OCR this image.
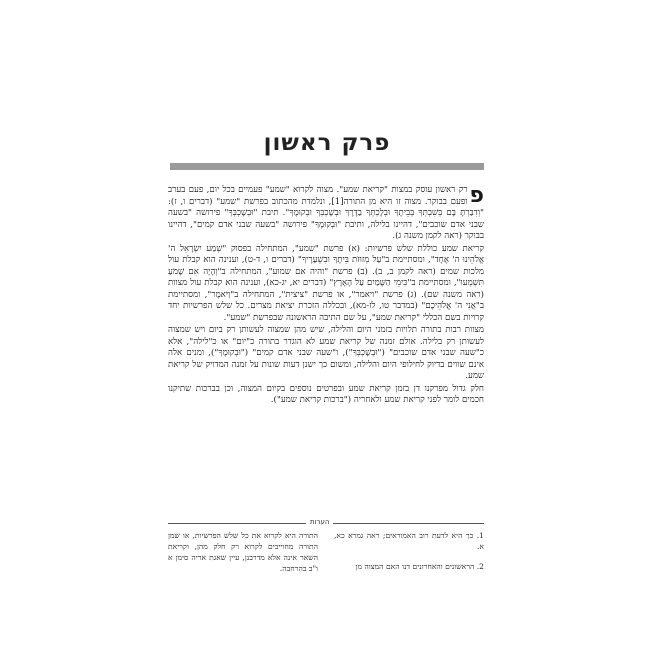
פרק ראשון

פ
רק ראשון עוסק במצות "קריאת שמע". מצוה לקרוא "שמע" פעמיים בכל יום, פעם בערב ופעם בבוקר. מצוה זו היא מן התורה[1], ונלמדת מהכתוב בפרשת "שמע" (דברים ו, ז): "וְדִבַּרְתָּ בָּם בְּשִׁבְתְּךָ בְּבֵיתֶךָ וּבְלֶכְתְּךָ בַדֶּרֶךְ וּבְשָׁכְבְּךָ וּבְקוּמֶךָ". תיבת "וּבְשָׁכְבְּךָ" פירושה "בשעה שבני אדם שוכבים", דהיינו בלילה, ותיבת "וּבְקוּמֶךָ" פירושה "בשעה שבני אדם קמים", דהיינו בבוקר (ראה לקמן משנה ג).

קריאת שמע כוללת שלש פרשיות: (א) פרשת "שמע", המתחילה בפסוק "שְׁמַע יִשְׂרָאֵל ה' אֱלֹהֵינוּ ה' אֶחָד", ומסתיימת ב"עַל מְזוּזֹת בֵּיתֶךָ וּבִשְׁעָרֶיךָ" (דברים ו, ד-ט), וענינה הוא קבלת עול מלכות שמים (ראה לקמן ב, ב). (ב) פרשת "והיה אם שמוע", המתחילה ב"וְהָיָה אִם שָׁמֹעַ תִּשְׁמְעוּ", ומסתיימת ב"כִּימֵי הַשָּׁמַיִם עַל הָאָרֶץ" (דברים יא, יג-כא), וענינה הוא קבלת עול מצוות (ראה משנה שם). (ג) פרשת "ויאמר", או פרשת "ציצית", המתחילה ב"וַיֹּאמֶר", ומסתיימת ב"אֲנִי ה' אֱלֹהֵיכֶם" (במדבר טו, לז-מא), ובכללה הזכרת יציאת מצרים. כל שלש הפרשיות יחד קרויות בשם הכללי "קריאת שמע", על שם התיבה הראשונה שבפרשת "שמע".

מצוות רבות בתורה תלויות בזמני היום והלילה, שיש מהן שמצוה לעשותן רק ביום ויש שמצוה לעשותן רק בלילה. אולם זמנה של קריאת שמע לא הוגדר בתורה כ"יום" או כ"לילה", אלא כ"שעה שבני אדם שוכבים" ("וּבְשָׁכְבְּךָ"), ו"שעה שבני אדם קמים" ("וּבְקוּמֶךָ"), ומנים אלה אינם שווים בדיוק לחילופי היום והלילה, ומשום כך ישנן דעות שונות על זמנה המדויק של קריאת שמע.

חלק גדול מפרקנו דן בזמן קריאת שמע ובפרטים נוספים בקיום המצוה, וכן בברכות שתיקנו חכמים לומר לפני קריאת שמע ולאחריה ("ברכות קריאת שמע").

הערות

1. כך היא לדעת רוב האמוראים; ראה גמרא כא, א.

2. הראשונים והאחרונים דנו האם המצוה מן

התורה היא לקרוא את כל שלש הפרשיות, או שמן התורה מחוייבים לקרוא רק חלק מהן, וקריאת השאר אינה אלא מדרבנן, עיין שאגת אריה סימן א ו"ב בהרחבה.
